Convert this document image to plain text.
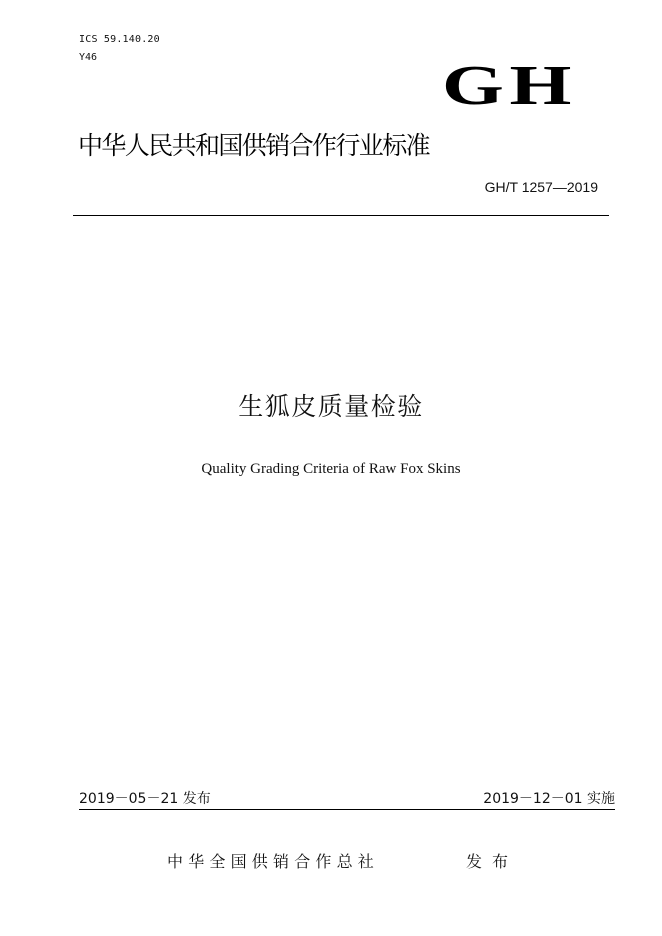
ICS 59.140.20
Y46	GH
中华人民共和国供销合作行业标准
GH/T 1257—2019
生狐皮质量检验
Quality Grading Criteria of Raw Fox Skins
2019－05－21 发布	2019－12－01 实施
中华全国供销合作总社	发布
